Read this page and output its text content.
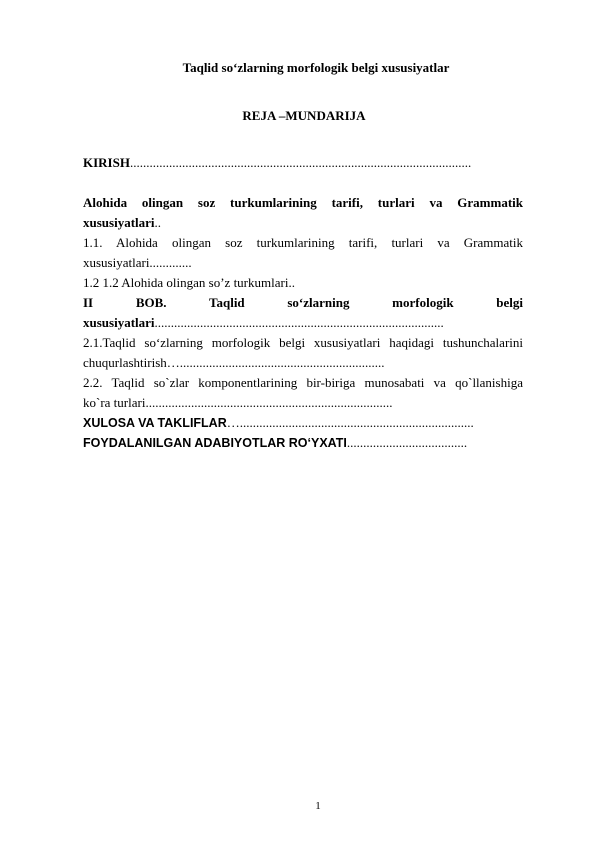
Taqlid so‘zlarning morfologik belgi xususiyatlar
REJA –MUNDARIJA

KIRISH.........................................................................................................

Alohida olingan soz turkumlarining tarifi, turlari va Grammatik

xususiyatlari..

1.1. Alohida olingan soz turkumlarining tarifi, turlari va Grammatik

xususiyatlari.............

1.2 1.2 Alohida olingan so’z turkumlari..

II BOB. Taqlid so‘zlarning morfologik belgi

xususiyatlari.........................................................................................

2.1.Taqlid so‘zlarning morfologik belgi xususiyatlari haqidagi tushunchalarini

chuqurlashtirish…...............................................................

2.2. Taqlid so`zlar komponentlarining bir-biriga munosabati va qo`llanishiga

ko`ra turlari............................................................................

XULOSA VA TAKLIFLAR…........................................................................

FOYDALANILGAN ADABIYOTLAR RO‘YXATI.....................................

1
